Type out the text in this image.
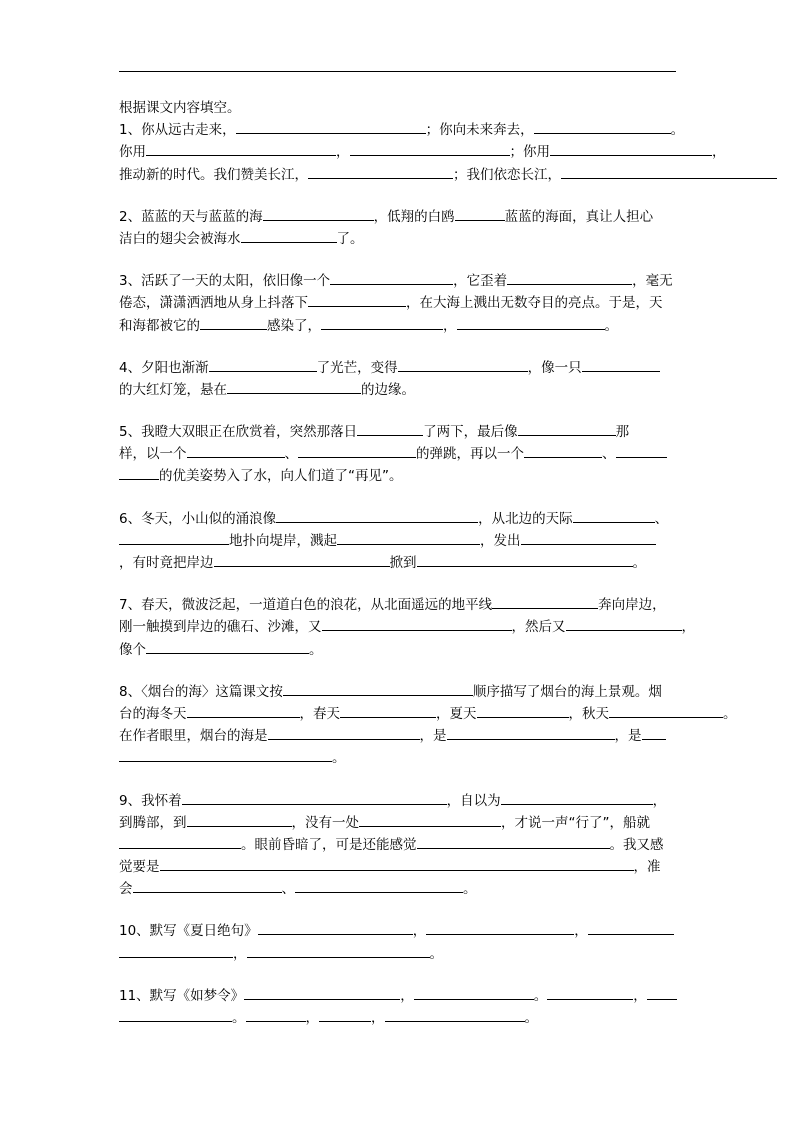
根据课文内容填空。
1、你从远古走来，	；你向未来奔去，	。
你用	，	；你用	，
推动新的时代。我们赞美长江，	；我们依恋长江，
2、蓝蓝的天与蓝蓝的海	，低翔的白鸥	蓝蓝的海面，真让人担心
洁白的翅尖会被海水	了。
3、活跃了一天的太阳，依旧像一个	，它歪着	，毫无
倦态，潇潇洒洒地从身上抖落下	，在大海上溅出无数夺目的亮点。于是，天
和海都被它的	感染了，	，	。
4、夕阳也渐渐	了光芒，变得	，像一只
的大红灯笼，悬在	的边缘。
5、我瞪大双眼正在欣赏着，突然那落日	了两下，最后像	那
样，以一个	、	的弹跳，再以一个	、
的优美姿势入了水，向人们道了“再见”。
6、冬天，小山似的涌浪像	，从北边的天际	、
地扑向堤岸，溅起	，发出
，有时竟把岸边	掀到	。
7、春天，微波泛起，一道道白色的浪花，从北面遥远的地平线	奔向岸边，
刚一触摸到岸边的礁石、沙滩，又	，然后又	，
像个	。
8、〈烟台的海〉这篇课文按	顺序描写了烟台的海上景观。烟
台的海冬天	，春天	，夏天	，秋天	。
在作者眼里，烟台的海是	，是	，是
。
9、我怀着	，自以为	，
到腾部，到	，没有一处	，才说一声“行了”，船就
。眼前昏暗了，可是还能感觉	。我又感
觉要是	，准
会	、	。
10、默写《夏日绝句》	，	，
，	。
11、默写《如梦令》	，	。	，
。	，	，	。
